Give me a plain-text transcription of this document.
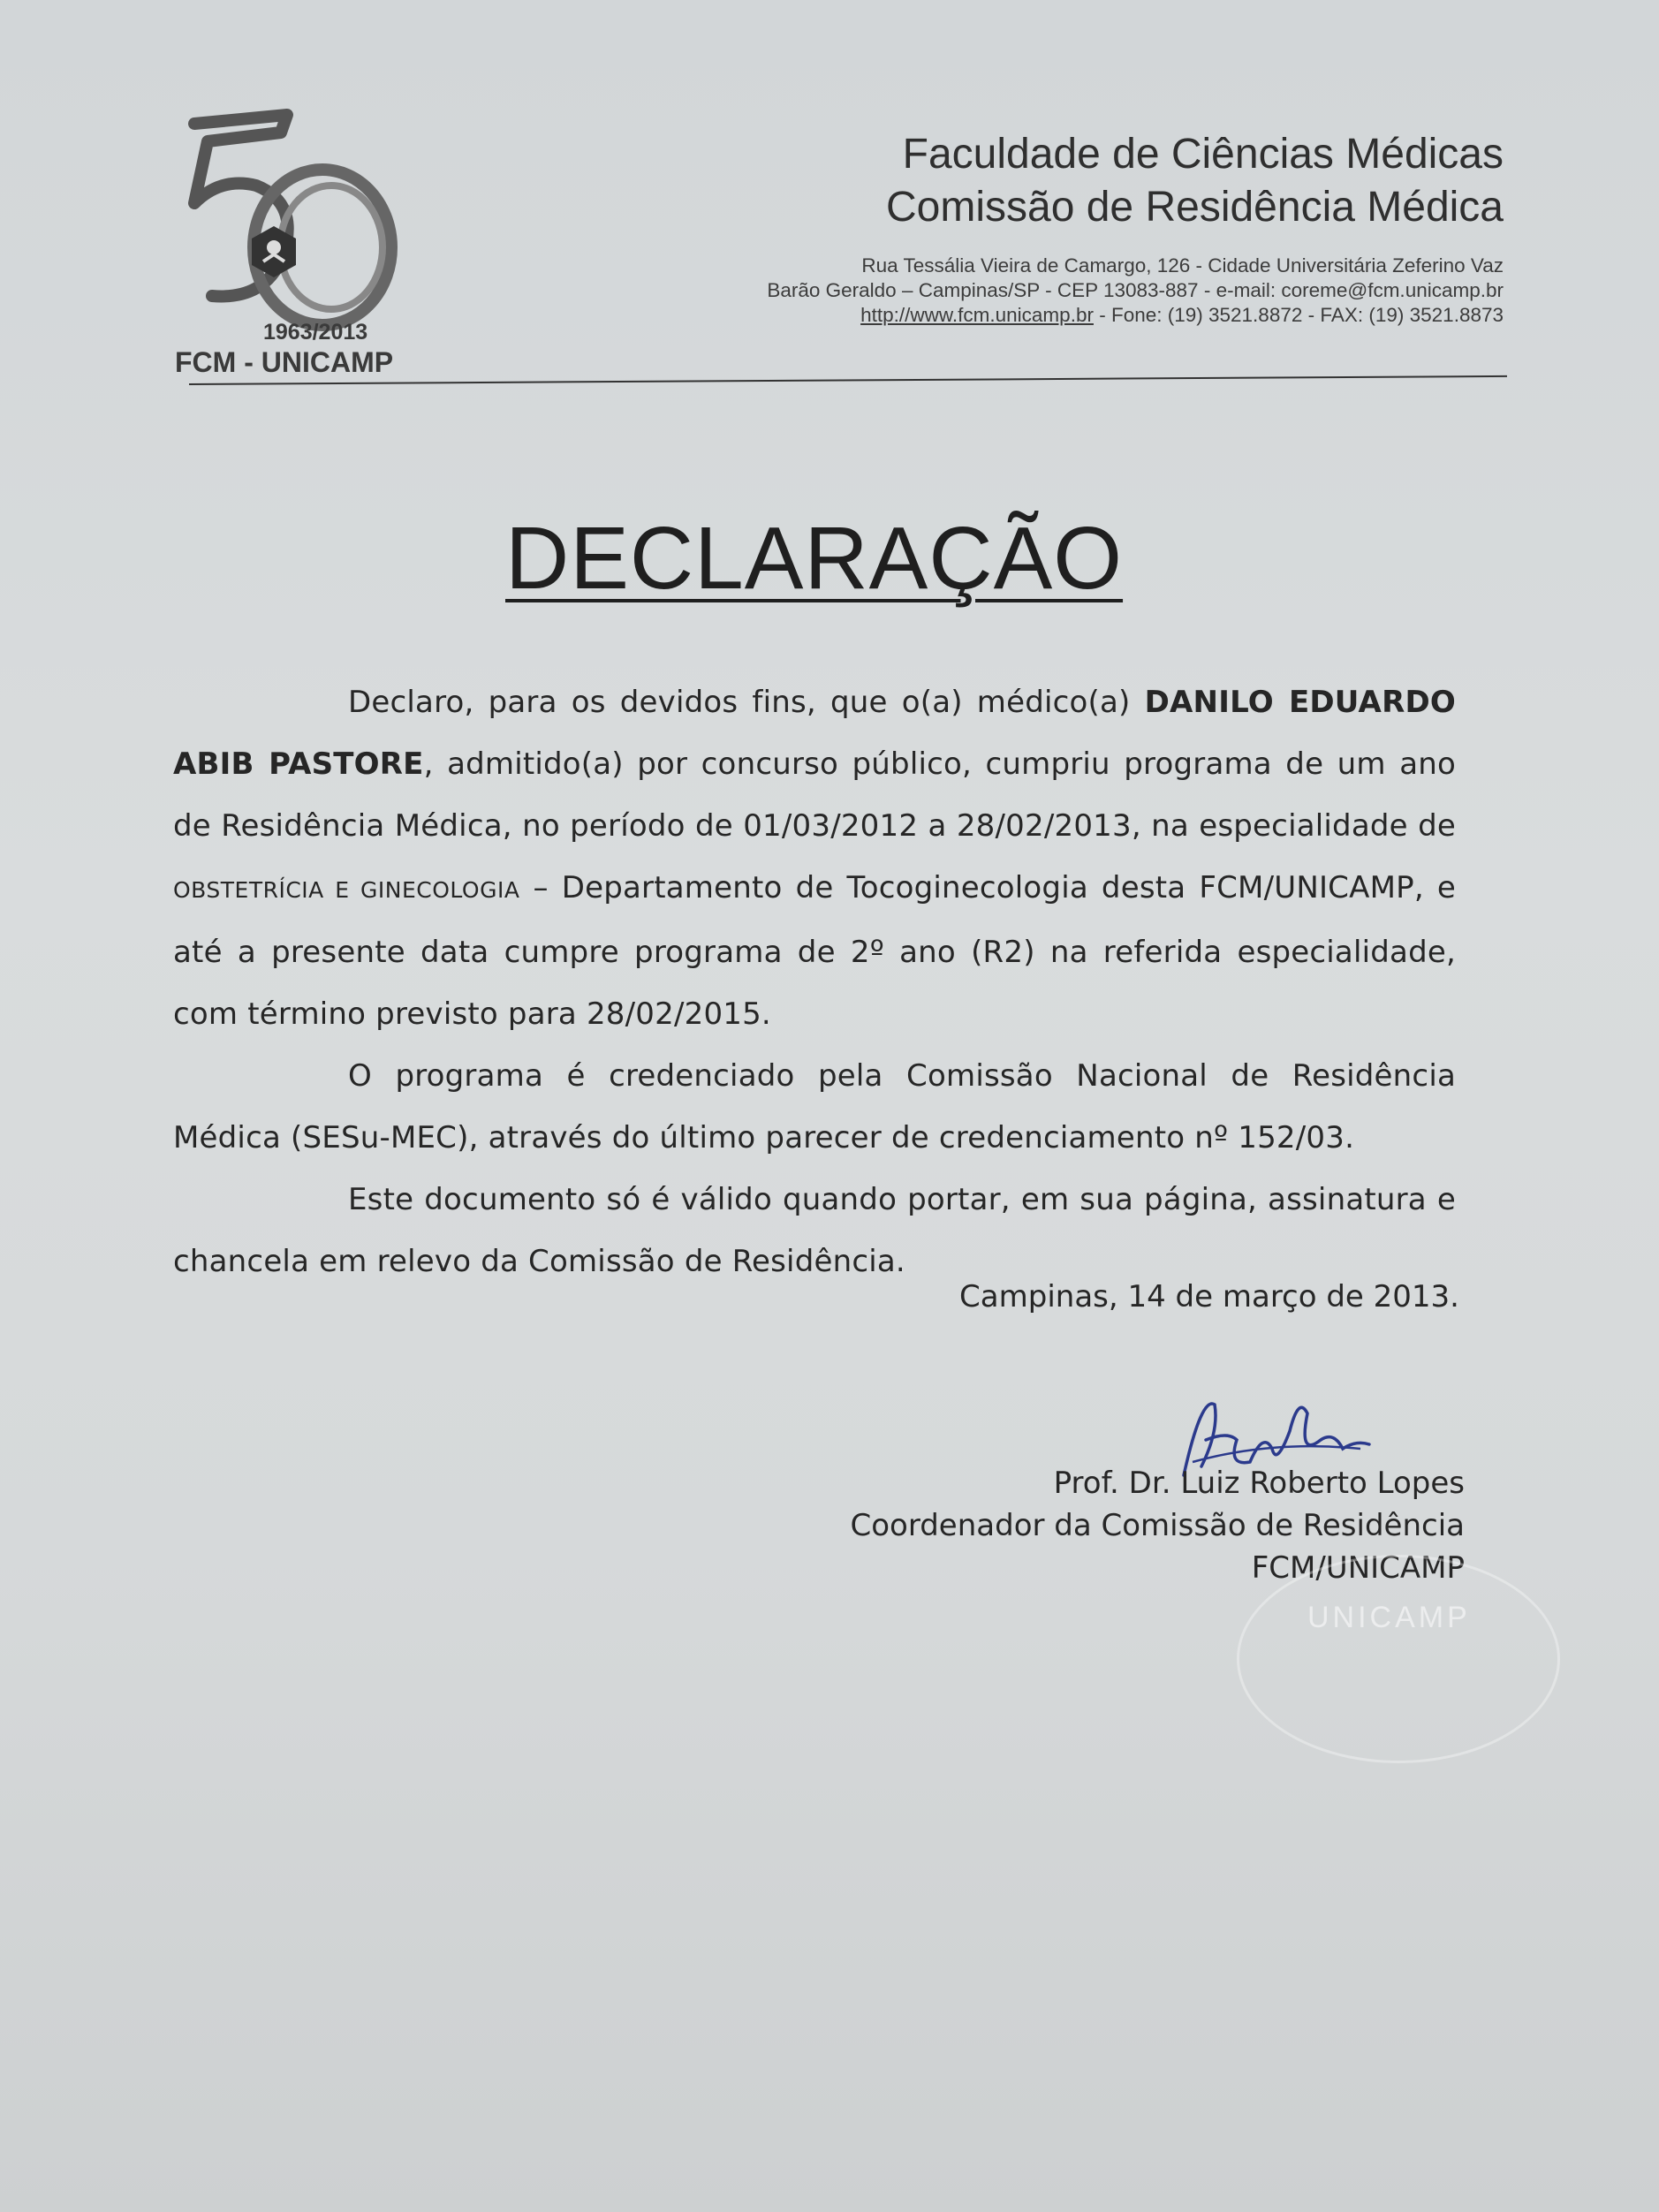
1963/2013
FCM - UNICAMP
Faculdade de Ciências Médicas
Comissão de Residência Médica
Rua Tessália Vieira de Camargo, 126 - Cidade Universitária Zeferino Vaz
Barão Geraldo – Campinas/SP - CEP 13083-887 - e-mail: coreme@fcm.unicamp.br
http://www.fcm.unicamp.br - Fone: (19) 3521.8872 - FAX: (19) 3521.8873
DECLARAÇÃO

Declaro, para os devidos fins, que o(a) médico(a) DANILO EDUARDO ABIB PASTORE, admitido(a) por concurso público, cumpriu programa de um ano de Residência Médica, no período de 01/03/2012 a 28/02/2013, na especialidade de OBSTETRÍCIA E GINECOLOGIA – Departamento de Tocoginecologia desta FCM/UNICAMP, e até a presente data cumpre programa de 2º ano (R2) na referida especialidade, com término previsto para 28/02/2015.

O programa é credenciado pela Comissão Nacional de Residência Médica (SESu-MEC), através do último parecer de credenciamento nº 152/03.

Este documento só é válido quando portar, em sua página, assinatura e chancela em relevo da Comissão de Residência.

Campinas, 14 de março de 2013.
Prof. Dr. Luiz Roberto Lopes
Coordenador da Comissão de Residência
FCM/UNICAMP
UNICAMP
